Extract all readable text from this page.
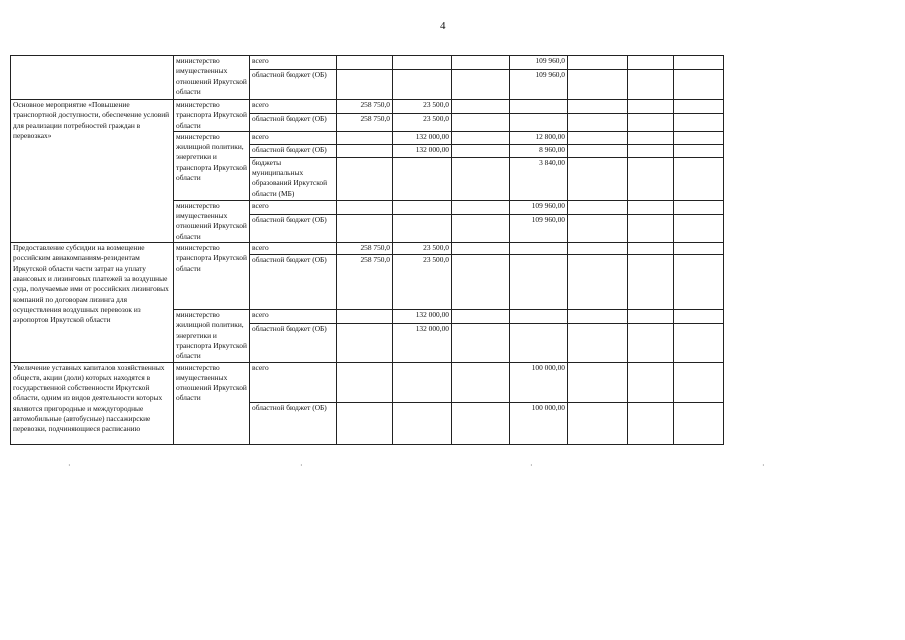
4
	министерство имущественных отношений Иркутской области	всего				109 960,0			
		областной бюджет (ОБ)				109 960,0			
Основное мероприятие «Повышение транспортной доступности, обеспечение условий для реализации потребностей граждан в перевозках»	министерство транспорта Иркутской области	всего	258 750,0	23 500,0					
		областной бюджет (ОБ)	258 750,0	23 500,0					
	министерство жилищной политики, энергетики и транспорта Иркутской области	всего		132 000,00		12 800,00			
		областной бюджет (ОБ)		132 000,00		8 960,00			
		бюджеты муниципальных образований Иркутской области (МБ)				3 840,00			
	министерство имущественных отношений Иркутской области	всего				109 960,00			
		областной бюджет (ОБ)				109 960,00			
Предоставление субсидии на возмещение российским авиакомпаниям-резидентам Иркутской области части затрат на уплату авансовых и лизинговых платежей за воздушные суда, получаемые ими от российских лизинговых компаний по договорам лизинга для осуществления воздушных перевозок из аэропортов Иркутской области	министерство транспорта Иркутской области	всего	258 750,0	23 500,0					
		областной бюджет (ОБ)	258 750,0	23 500,0					
	министерство жилищной политики, энергетики и транспорта Иркутской области	всего		132 000,00					
		областной бюджет (ОБ)		132 000,00					
Увеличение уставных капиталов хозяйственных обществ, акции (доли) которых находятся в государственной собственности Иркутской области, одним из видов деятельности которых являются пригородные и междугородные автомобильные (автобусные) пассажирские перевозки, подчиняющиеся расписанию	министерство имущественных отношений Иркутской области	всего				100 000,00			
		областной бюджет (ОБ)				100 000,00			
·	·	·	·
